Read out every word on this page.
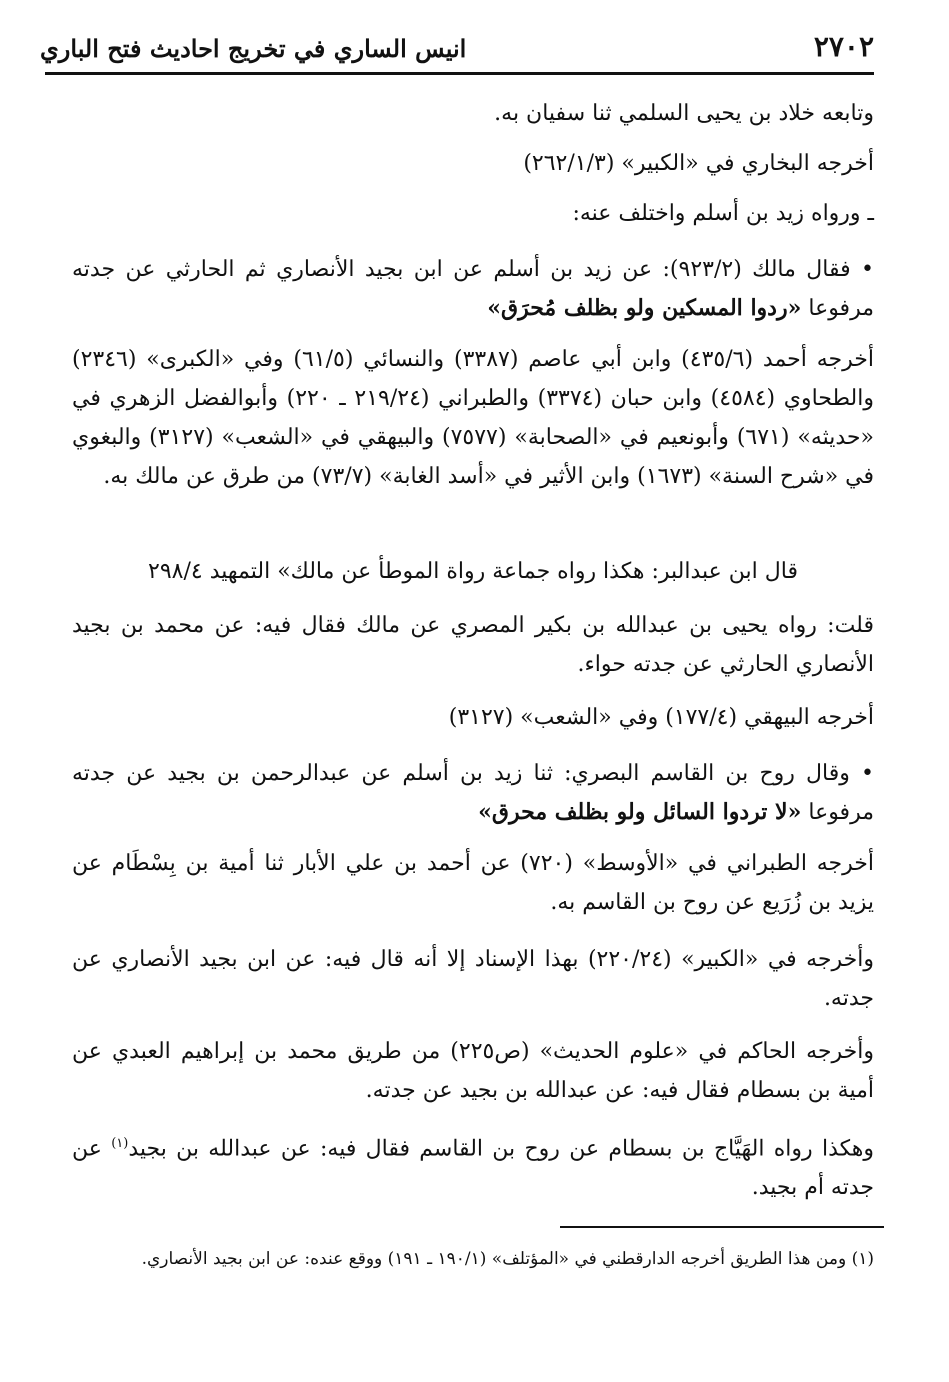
انيس الساري في تخريج احاديث فتح الباري	٢٧٠٢
وتابعه خلاد بن يحيى السلمي ثنا سفيان به.
أخرجه البخاري في «الكبير» (٢٦٢/١/٣)
ـ ورواه زيد بن أسلم واختلف عنه:
• فقال مالك (٩٢٣/٢): عن زيد بن أسلم عن ابن بجيد الأنصاري ثم الحارثي عن جدته مرفوعا «ردوا المسكين ولو بظلف مُحرَق»
أخرجه أحمد (٤٣٥/٦) وابن أبي عاصم (٣٣٨٧) والنسائي (٦١/٥) وفي «الكبرى» (٢٣٤٦) والطحاوي (٤٥٨٤) وابن حبان (٣٣٧٤) والطبراني (٢١٩/٢٤ ـ ٢٢٠) وأبوالفضل الزهري في «حديثه» (٦٧١) وأبونعيم في «الصحابة» (٧٥٧٧) والبيهقي في «الشعب» (٣١٢٧) والبغوي في «شرح السنة» (١٦٧٣) وابن الأثير في «أسد الغابة» (٧٣/٧) من طرق عن مالك به.
قال ابن عبدالبر: هكذا رواه جماعة رواة الموطأ عن مالك» التمهيد ٢٩٨/٤
قلت: رواه يحيى بن عبدالله بن بكير المصري عن مالك فقال فيه: عن محمد بن بجيد الأنصاري الحارثي عن جدته حواء.
أخرجه البيهقي (١٧٧/٤) وفي «الشعب» (٣١٢٧)
• وقال روح بن القاسم البصري: ثنا زيد بن أسلم عن عبدالرحمن بن بجيد عن جدته مرفوعا «لا تردوا السائل ولو بظلف محرق»
أخرجه الطبراني في «الأوسط» (٧٢٠) عن أحمد بن علي الأبار ثنا أمية بن بِسْطَام عن يزيد بن زُرَيع عن روح بن القاسم به.
وأخرجه في «الكبير» (٢٢٠/٢٤) بهذا الإسناد إلا أنه قال فيه: عن ابن بجيد الأنصاري عن جدته.
وأخرجه الحاكم في «علوم الحديث» (ص٢٢٥) من طريق محمد بن إبراهيم العبدي عن أمية بن بسطام فقال فيه: عن عبدالله بن بجيد عن جدته.
وهكذا رواه الهَيَّاج بن بسطام عن روح بن القاسم فقال فيه: عن عبدالله بن بجيد$^{(١)}$ عن جدته أم بجيد.
(١) ومن هذا الطريق أخرجه الدارقطني في «المؤتلف» (١٩٠/١ ـ ١٩١) ووقع عنده: عن ابن بجيد الأنصاري.
